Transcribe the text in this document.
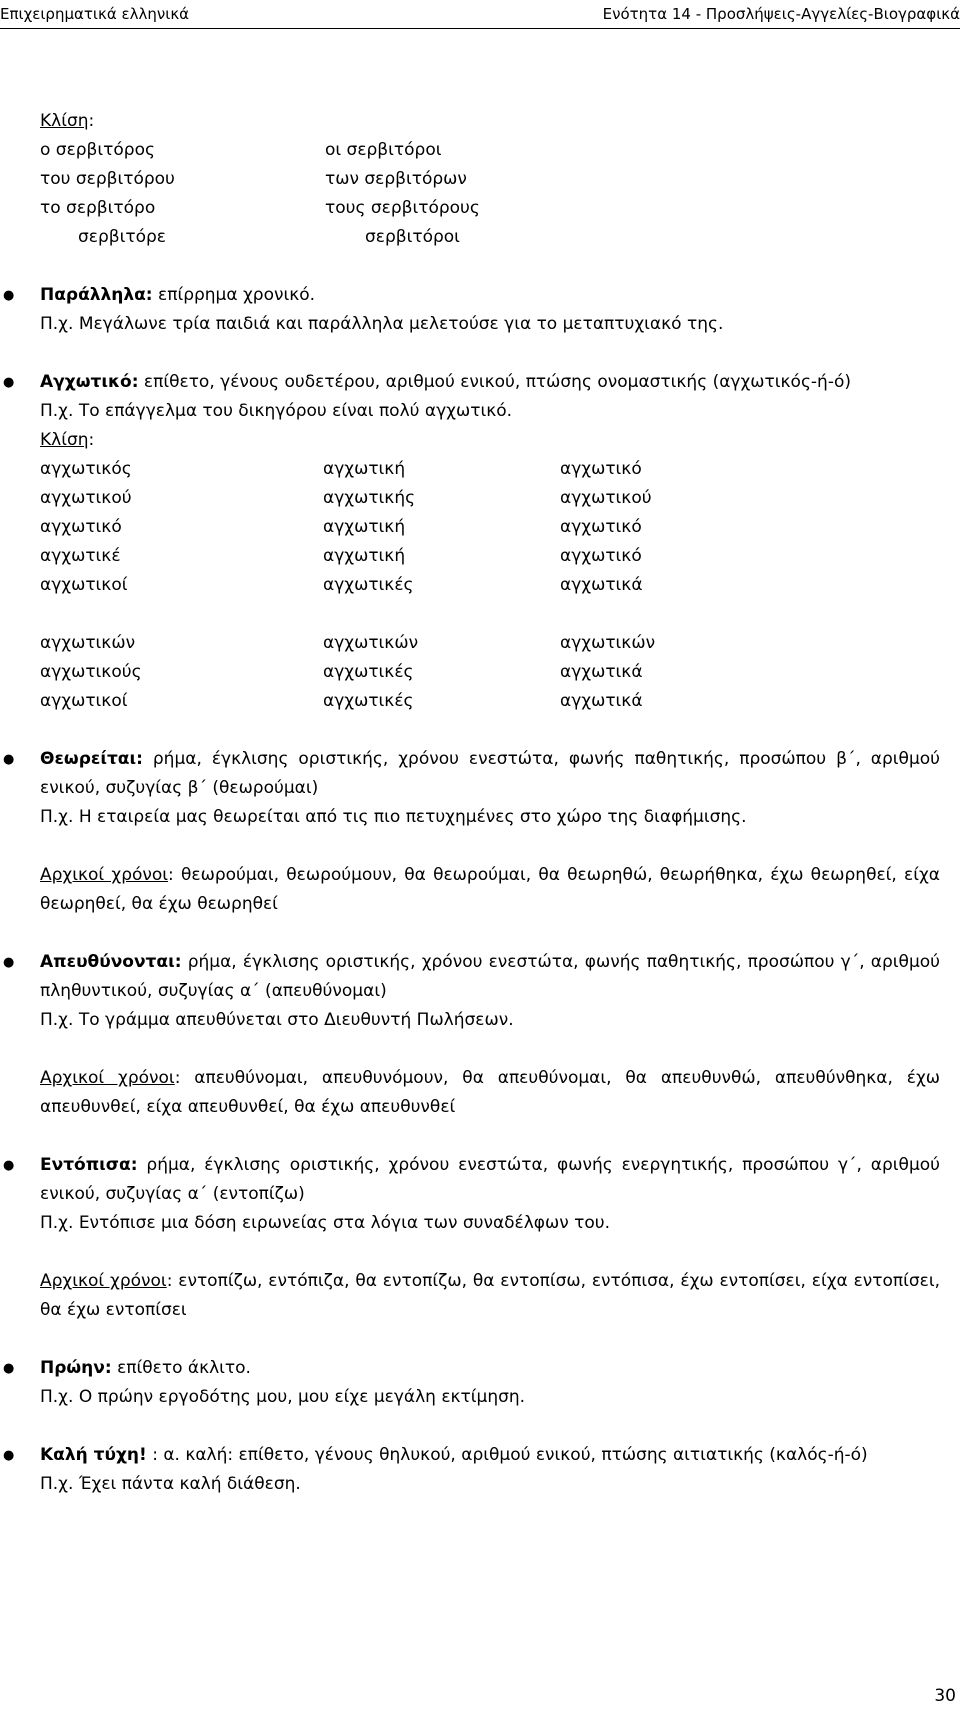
Επιχειρηματικά ελληνικά	Ενότητα 14 - Προσλήψεις-Αγγελίες-Βιογραφικά
Κλίση:
ο σερβιτόρος	οι σερβιτόροι
του σερβιτόρου	των σερβιτόρων
το σερβιτόρο	τους σερβιτόρους
σερβιτόρε	σερβιτόροι
● Παράλληλα: επίρρημα χρονικό.
Π.χ. Μεγάλωνε τρία παιδιά και παράλληλα μελετούσε για το μεταπτυχιακό της.
● Αγχωτικό: επίθετο, γένους ουδετέρου, αριθμού ενικού, πτώσης ονομαστικής (αγχωτικός-ή-ό)
Π.χ. Το επάγγελμα του δικηγόρου είναι πολύ αγχωτικό.
Κλίση:
αγχωτικός	αγχωτική	αγχωτικό
αγχωτικού	αγχωτικής	αγχωτικού
αγχωτικό	αγχωτική	αγχωτικό
αγχωτικέ	αγχωτική	αγχωτικό
αγχωτικοί	αγχωτικές	αγχωτικά
αγχωτικών	αγχωτικών	αγχωτικών
αγχωτικούς	αγχωτικές	αγχωτικά
αγχωτικοί	αγχωτικές	αγχωτικά
● Θεωρείται: ρήμα, έγκλισης οριστικής, χρόνου ενεστώτα, φωνής παθητικής, προσώπου β΄, αριθμού ενικού, συζυγίας β΄ (θεωρούμαι)
Π.χ. Η εταιρεία μας θεωρείται από τις πιο πετυχημένες στο χώρο της διαφήμισης.
Αρχικοί χρόνοι: θεωρούμαι, θεωρούμουν, θα θεωρούμαι, θα θεωρηθώ, θεωρήθηκα, έχω θεωρηθεί, είχα θεωρηθεί, θα έχω θεωρηθεί
● Απευθύνονται: ρήμα, έγκλισης οριστικής, χρόνου ενεστώτα, φωνής παθητικής, προσώπου γ΄, αριθμού πληθυντικού, συζυγίας α΄ (απευθύνομαι)
Π.χ. Το γράμμα απευθύνεται στο Διευθυντή Πωλήσεων.
Αρχικοί χρόνοι: απευθύνομαι, απευθυνόμουν, θα απευθύνομαι, θα απευθυνθώ, απευθύνθηκα, έχω απευθυνθεί, είχα απευθυνθεί, θα έχω απευθυνθεί
● Εντόπισα: ρήμα, έγκλισης οριστικής, χρόνου ενεστώτα, φωνής ενεργητικής, προσώπου γ΄, αριθμού ενικού, συζυγίας α΄ (εντοπίζω)
Π.χ. Εντόπισε μια δόση ειρωνείας στα λόγια των συναδέλφων του.
Αρχικοί χρόνοι: εντοπίζω, εντόπιζα, θα εντοπίζω, θα εντοπίσω, εντόπισα, έχω εντοπίσει, είχα εντοπίσει, θα έχω εντοπίσει
● Πρώην: επίθετο άκλιτο.
Π.χ. Ο πρώην εργοδότης μου, μου είχε μεγάλη εκτίμηση.
● Καλή τύχη! : α. καλή: επίθετο, γένους θηλυκού, αριθμού ενικού, πτώσης αιτιατικής (καλός-ή-ό)
Π.χ. Έχει πάντα καλή διάθεση.
30
